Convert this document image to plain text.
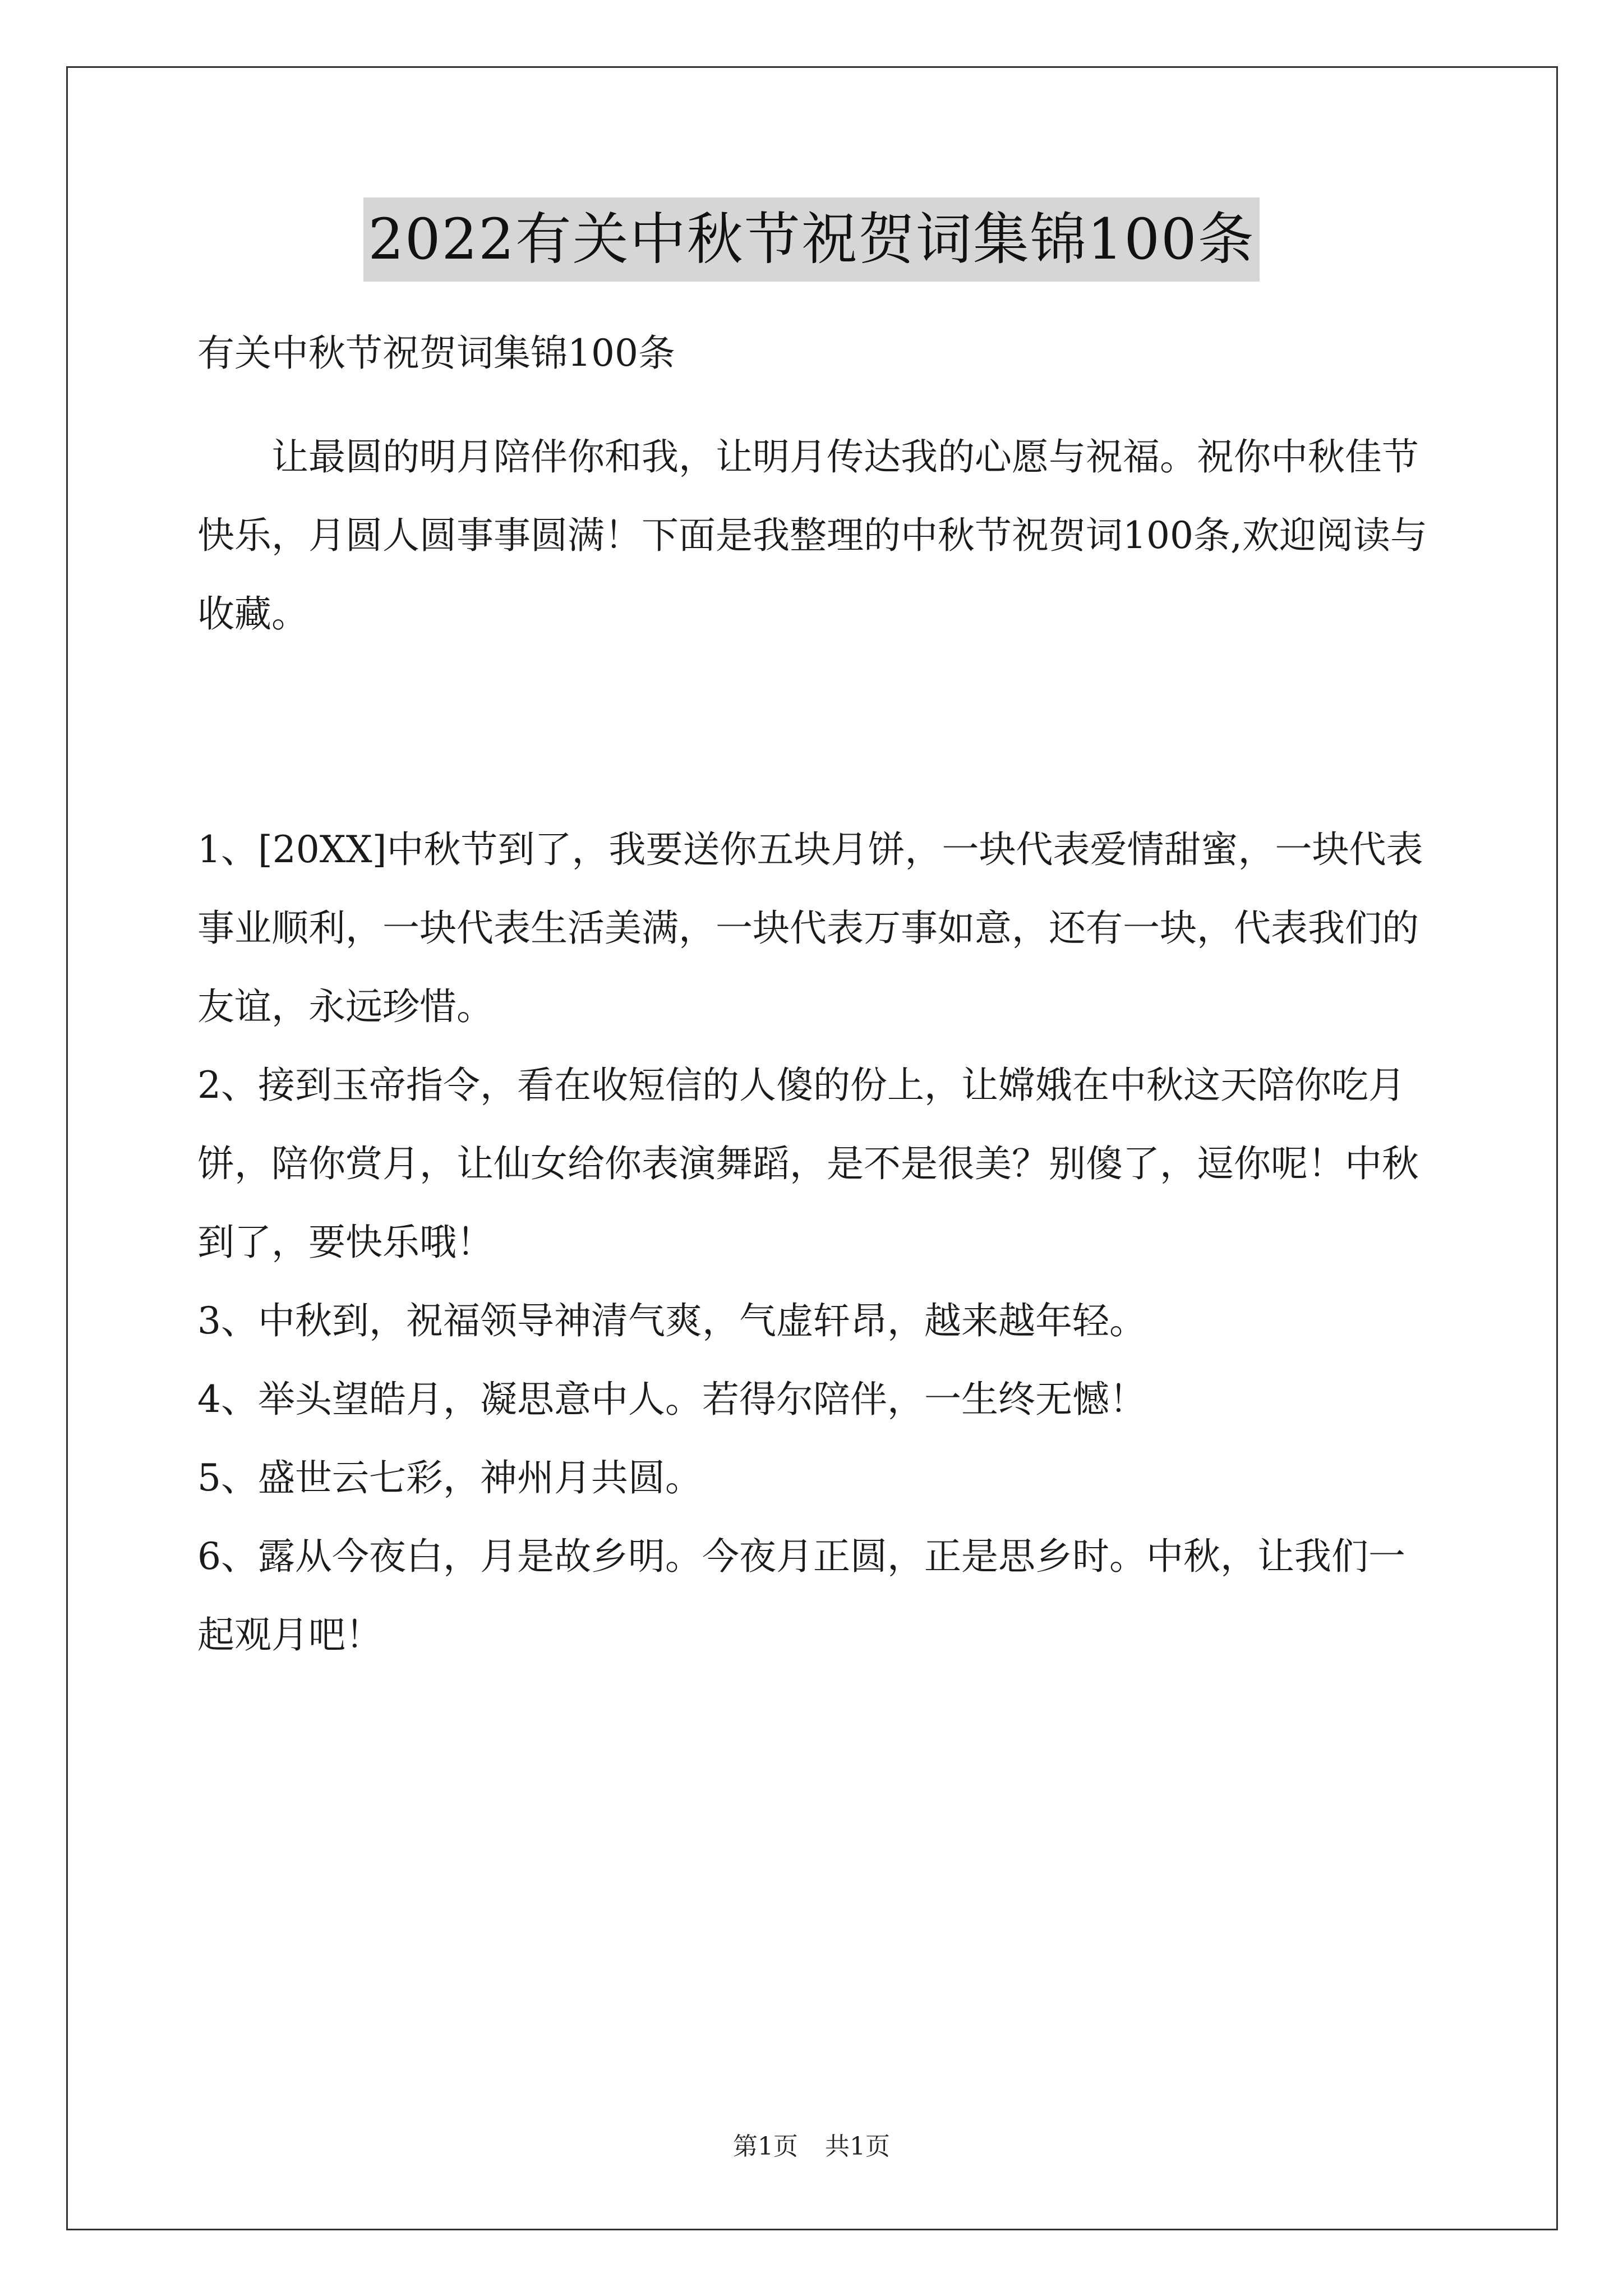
2022有关中秋节祝贺词集锦100条

有关中秋节祝贺词集锦100条

让最圆的明月陪伴你和我，让明月传达我的心愿与祝福。祝你中秋佳节快乐，月圆人圆事事圆满！下面是我整理的中秋节祝贺词100条,欢迎阅读与收藏。

1、[20XX]中秋节到了，我要送你五块月饼，一块代表爱情甜蜜，一块代表事业顺利，一块代表生活美满，一块代表万事如意，还有一块，代表我们的友谊，永远珍惜。

2、接到玉帝指令，看在收短信的人傻的份上，让嫦娥在中秋这天陪你吃月饼，陪你赏月，让仙女给你表演舞蹈，是不是很美？别傻了，逗你呢！中秋到了，要快乐哦！

3、中秋到，祝福领导神清气爽，气虚轩昂，越来越年轻。

4、举头望皓月，凝思意中人。若得尔陪伴，一生终无憾！

5、盛世云七彩，神州月共圆。

6、露从今夜白，月是故乡明。今夜月正圆，正是思乡时。中秋，让我们一起观月吧！

第1页 共1页
